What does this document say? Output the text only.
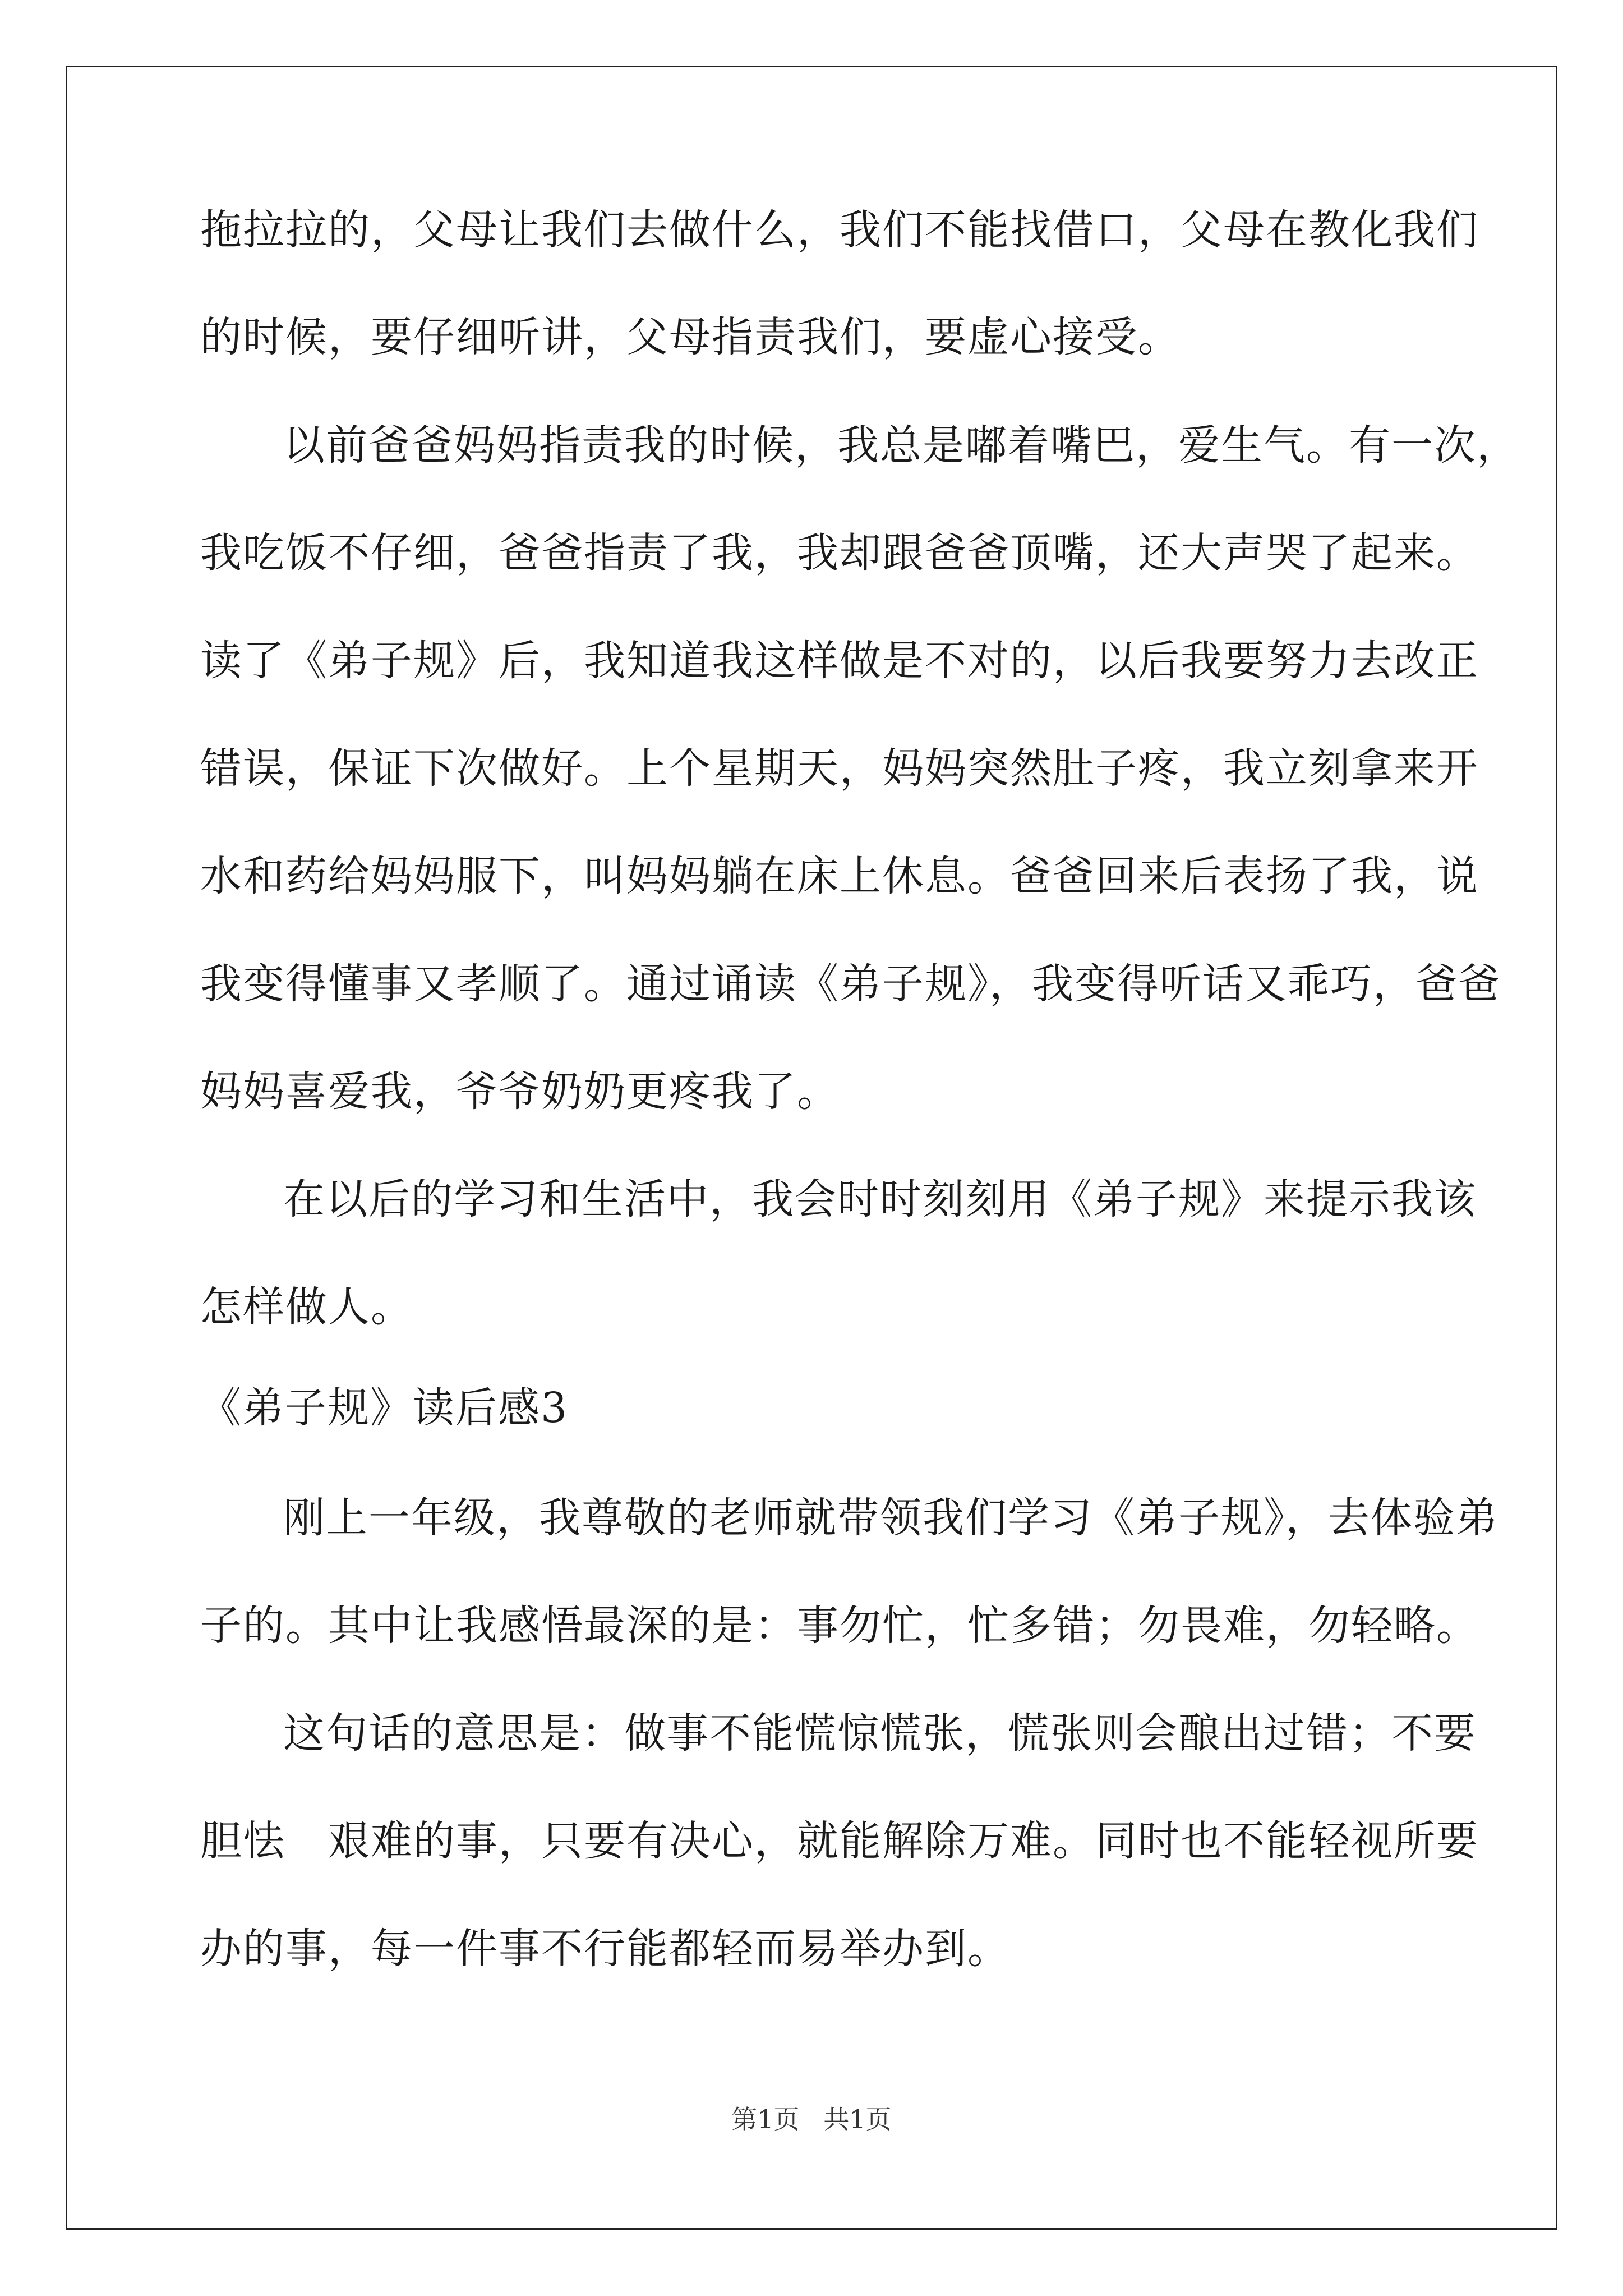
拖拉拉的，父母让我们去做什么，我们不能找借口，父母在教化我们
的时候，要仔细听讲，父母指责我们，要虚心接受。
以前爸爸妈妈指责我的时候，我总是嘟着嘴巴，爱生气。有一次，
我吃饭不仔细，爸爸指责了我，我却跟爸爸顶嘴，还大声哭了起来。
读了《弟子规》后，我知道我这样做是不对的，以后我要努力去改正
错误，保证下次做好。上个星期天，妈妈突然肚子疼，我立刻拿来开
水和药给妈妈服下，叫妈妈躺在床上休息。爸爸回来后表扬了我，说
我变得懂事又孝顺了。通过诵读《弟子规》，我变得听话又乖巧，爸爸
妈妈喜爱我，爷爷奶奶更疼我了。
在以后的学习和生活中，我会时时刻刻用《弟子规》来提示我该
怎样做人。
《弟子规》读后感3
刚上一年级，我尊敬的老师就带领我们学习《弟子规》，去体验弟
子的。其中让我感悟最深的是：事勿忙，忙多错；勿畏难，勿轻略。
这句话的意思是：做事不能慌惊慌张，慌张则会酿出过错；不要
胆怯　艰难的事，只要有决心，就能解除万难。同时也不能轻视所要
办的事，每一件事不行能都轻而易举办到。
第1页 共1页
